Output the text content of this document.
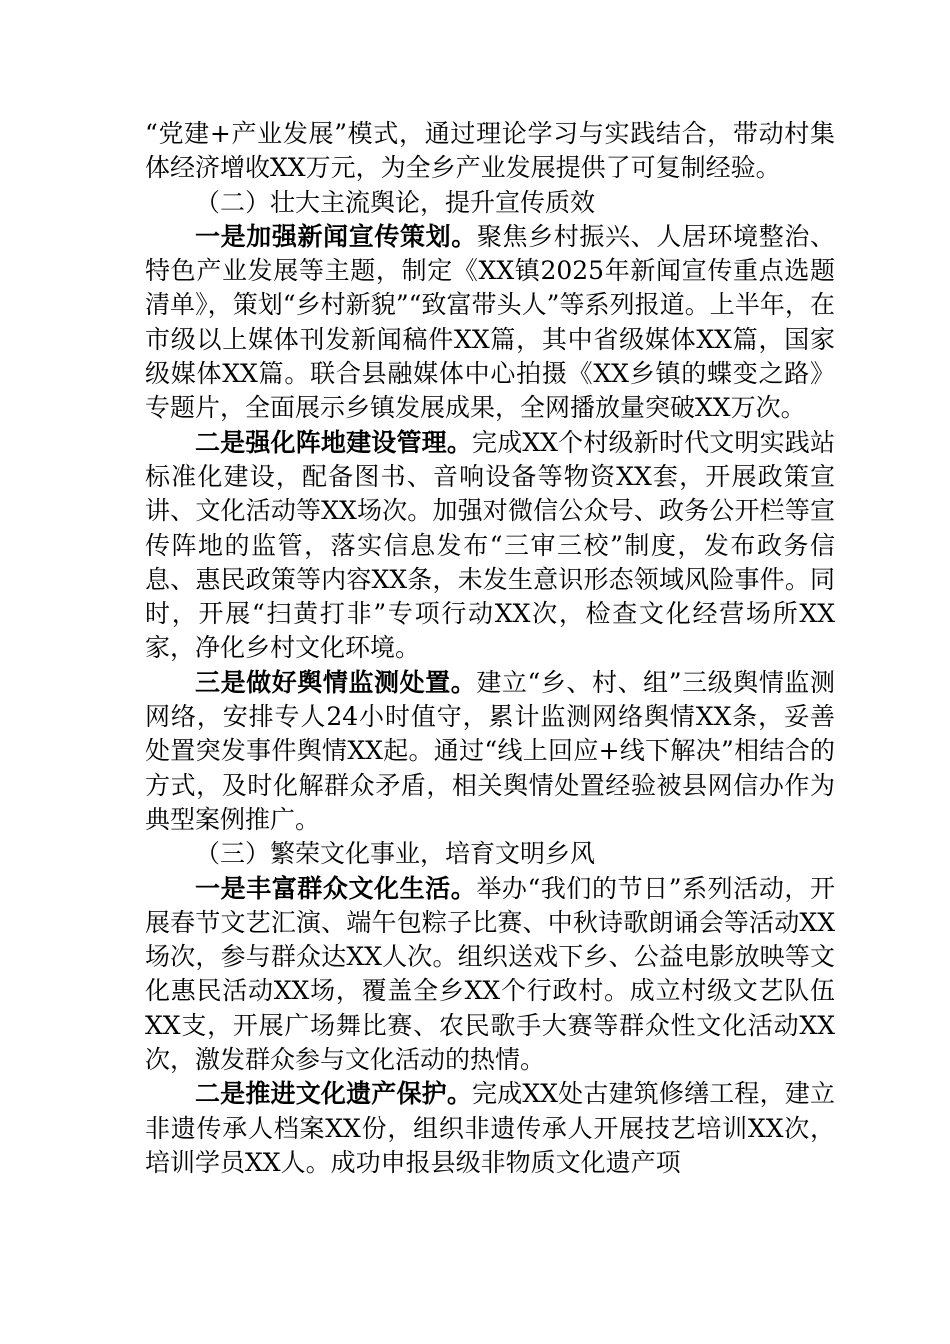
“党建+产业发展”模式，通过理论学习与实践结合，带动村集体经济增收XX万元，为全乡产业发展提供了可复制经验。

（二）壮大主流舆论，提升宣传质效

一是加强新闻宣传策划。聚焦乡村振兴、人居环境整治、特色产业发展等主题，制定《XX镇2025年新闻宣传重点选题清单》，策划“乡村新貌”“致富带头人”等系列报道。上半年，在市级以上媒体刊发新闻稿件XX篇，其中省级媒体XX篇，国家级媒体XX篇。联合县融媒体中心拍摄《XX乡镇的蝶变之路》专题片，全面展示乡镇发展成果，全网播放量突破XX万次。

二是强化阵地建设管理。完成XX个村级新时代文明实践站标准化建设，配备图书、音响设备等物资XX套，开展政策宣讲、文化活动等XX场次。加强对微信公众号、政务公开栏等宣传阵地的监管，落实信息发布“三审三校”制度，发布政务信息、惠民政策等内容XX条，未发生意识形态领域风险事件。同时，开展“扫黄打非”专项行动XX次，检查文化经营场所XX家，净化乡村文化环境。

三是做好舆情监测处置。建立“乡、村、组”三级舆情监测网络，安排专人24小时值守，累计监测网络舆情XX条，妥善处置突发事件舆情XX起。通过“线上回应+线下解决”相结合的方式，及时化解群众矛盾，相关舆情处置经验被县网信办作为典型案例推广。

（三）繁荣文化事业，培育文明乡风

一是丰富群众文化生活。举办“我们的节日”系列活动，开展春节文艺汇演、端午包粽子比赛、中秋诗歌朗诵会等活动XX场次，参与群众达XX人次。组织送戏下乡、公益电影放映等文化惠民活动XX场，覆盖全乡XX个行政村。成立村级文艺队伍XX支，开展广场舞比赛、农民歌手大赛等群众性文化活动XX次，激发群众参与文化活动的热情。

二是推进文化遗产保护。完成XX处古建筑修缮工程，建立非遗传承人档案XX份，组织非遗传承人开展技艺培训XX次，培训学员XX人。成功申报县级非物质文化遗产项
